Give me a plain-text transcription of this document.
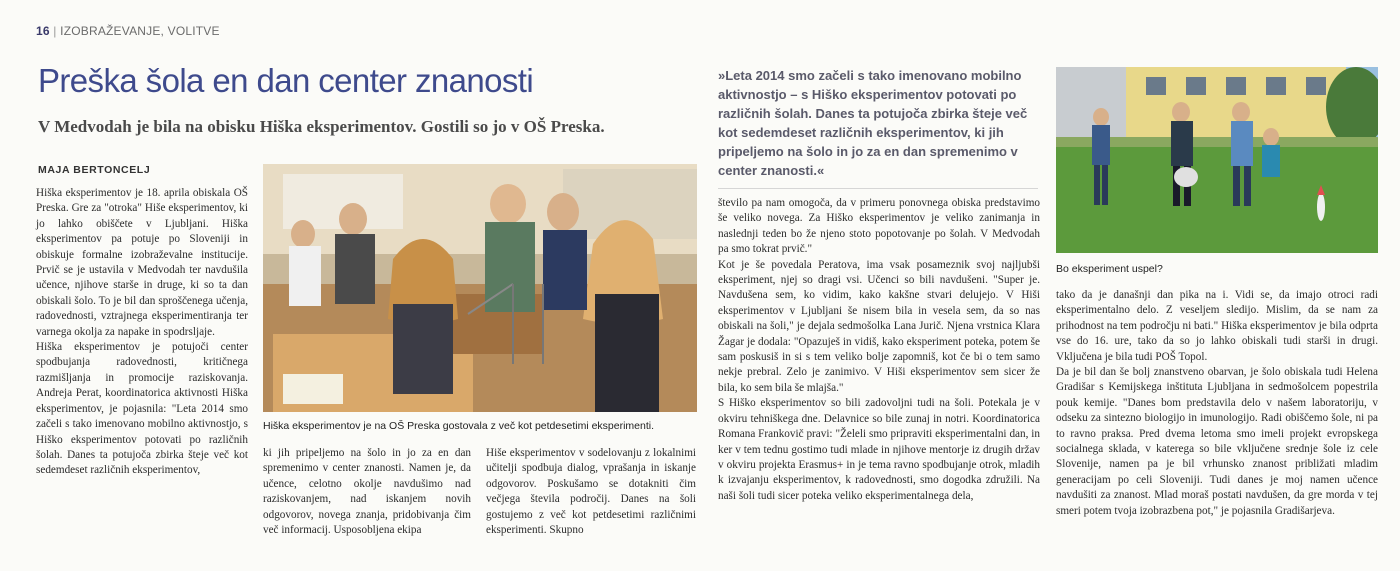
16 | IZOBRAŽEVANJE, VOLITVE
Preška šola en dan center znanosti
V Medvodah je bila na obisku Hiška eksperimentov. Gostili so jo v OŠ Preska.
MAJA BERTONCELJ

Hiška eksperimentov je 18. aprila obiskala OŠ Preska. Gre za "otroka" Hiše eksperimentov, ki jo lahko obiščete v Ljubljani. Hiška eksperimentov pa potuje po Sloveniji in obiskuje formalne izobraževalne institucije. Prvič se je ustavila v Medvodah ter navdušila učence, njihove starše in druge, ki so ta dan obiskali šolo. To je bil dan sproščenega učenja, radovednosti, vztrajnega eksperimentiranja ter varnega okolja za napake in spodrsljaje.

Hiška eksperimentov je potujoči center spodbujanja radovednosti, kritičnega razmišljanja in promocije raziskovanja. Andreja Perat, koordinatorica aktivnosti Hiška eksperimentov, je pojasnila: "Leta 2014 smo začeli s tako imenovano mobilno aktivnostjo, s Hiško eksperimentov potovati po različnih šolah. Danes ta potujoča zbirka šteje več kot sedemdeset različnih eksperimentov,

Hiška eksperimentov je na OŠ Preska gostovala z več kot petdesetimi eksperimenti.

ki jih pripeljemo na šolo in jo za en dan spremenimo v center znanosti. Namen je, da učence, celotno okolje navdušimo nad raziskovanjem, nad iskanjem novih odgovorov, novega znanja, pridobivanja čim več informacij. Usposobljena ekipa

Hiše eksperimentov v sodelovanju z lokalnimi učitelji spodbuja dialog, vprašanja in iskanje odgovorov. Poskušamo se dotakniti čim večjega števila področij. Danes na šoli gostujemo z več kot petdesetimi različnimi eksperimenti. Skupno

»Leta 2014 smo začeli s tako imenovano mobilno aktivnostjo – s Hiško eksperimentov potovati po različnih šolah. Danes ta potujoča zbirka šteje več kot sedemdeset različnih eksperimentov, ki jih pripeljemo na šolo in jo za en dan spremenimo v center znanosti.«

število pa nam omogoča, da v primeru ponovnega obiska predstavimo še veliko novega. Za Hiško eksperimentov je veliko zanimanja in naslednji teden bo že njeno stoto popotovanje po šolah. V Medvodah pa smo tokrat prvič."

Kot je še povedala Peratova, ima vsak posameznik svoj najljubši eksperiment, njej so dragi vsi. Učenci so bili navdušeni. "Super je. Navdušena sem, ko vidim, kako kakšne stvari delujejo. V Hiši eksperimentov v Ljubljani še nisem bila in vesela sem, da so nas obiskali na šoli," je dejala sedmošolka Lana Jurič. Njena vrstnica Klara Žagar je dodala: "Opazuješ in vidiš, kako eksperiment poteka, potem še sam poskusiš in si s tem veliko bolje zapomniš, kot če bi o tem samo nekje prebral. Zelo je zanimivo. V Hiši eksperimentov sem sicer že bila, ko sem bila še mlajša."

S Hiško eksperimentov so bili zadovoljni tudi na šoli. Potekala je v okviru tehniškega dne. Delavnice so bile zunaj in notri. Koordinatorica Romana Frankovič pravi: "Želeli smo pripraviti eksperimentalni dan, in ker v tem tednu gostimo tudi mlade in njihove mentorje iz drugih držav v okviru projekta Erasmus+ in je tema ravno spodbujanje otrok, mladih k izvajanju eksperimentov, k radovednosti, smo dogodka združili. Na naši šoli tudi sicer poteka veliko eksperimentalnega dela,

Bo eksperiment uspel?

tako da je današnji dan pika na i. Vidi se, da imajo otroci radi eksperimentalno delo. Z veseljem sledijo. Mislim, da se nam za prihodnost na tem področju ni bati." Hiška eksperimentov je bila odprta vse do 16. ure, tako da so jo lahko obiskali tudi starši in drugi. Vključena je bila tudi POŠ Topol.

Da je bil dan še bolj znanstveno obarvan, je šolo obiskala tudi Helena Gradišar s Kemijskega inštituta Ljubljana in sedmošolcem popestrila pouk kemije. "Danes bom predstavila delo v našem laboratoriju, v odseku za sintezno biologijo in imunologijo. Radi obiščemo šole, ni pa to ravno praksa. Pred dvema letoma smo imeli projekt evropskega socialnega sklada, v katerega so bile vključene srednje šole iz cele Slovenije, namen pa je bil vrhunsko znanost približati mladim generacijam po celi Sloveniji. Tudi danes je moj namen učence navdušiti za znanost. Mlad moraš postati navdušen, da gre morda v tej smeri potem tvoja izobrazbena pot," je pojasnila Gradišarjeva.
